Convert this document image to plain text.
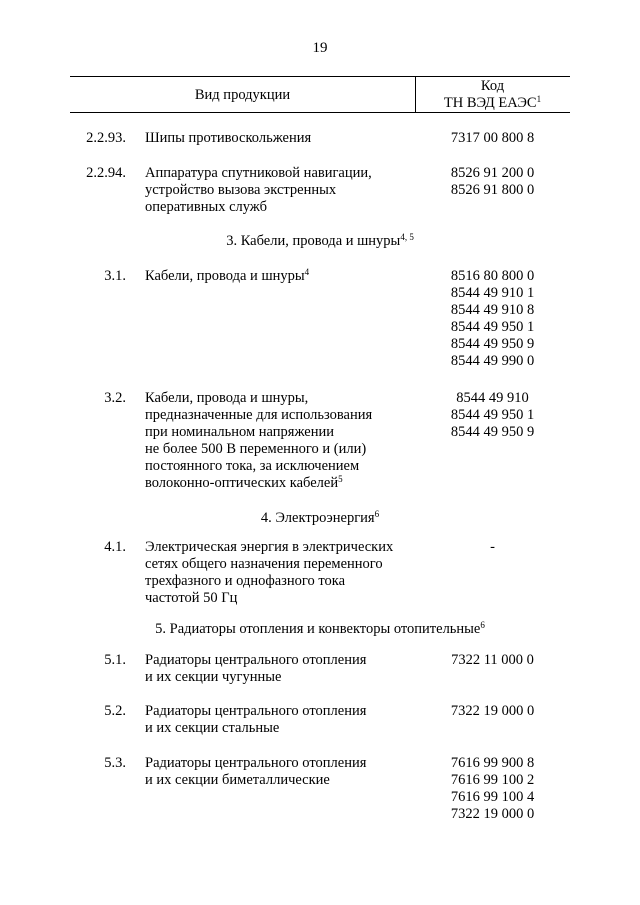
19
Вид продукции
Код
ТН ВЭД ЕАЭС$^1$
2.2.93. Шипы противоскольжения	7317 00 800 8
2.2.94. Аппаратура спутниковой навигации,
устройство вызова экстренных
оперативных служб
8526 91 200 0
8526 91 800 0
3. Кабели, провода и шнуры$^{4, 5}$
3.1. Кабели, провода и шнуры$^4$	8516 80 800 0
8544 49 910 1
8544 49 910 8
8544 49 950 1
8544 49 950 9
8544 49 990 0
3.2. Кабели, провода и шнуры,
предназначенные для использования
при номинальном напряжении
не более 500 В переменного и (или)
постоянного тока, за исключением
волоконно-оптических кабелей$^5$
8544 49 910
8544 49 950 1
8544 49 950 9
4. Электроэнергия$^6$
4.1. Электрическая энергия в электрических
сетях общего назначения переменного
трехфазного и однофазного тока
частотой 50 Гц
-
5. Радиаторы отопления и конвекторы отопительные$^6$
5.1. Радиаторы центрального отопления
и их секции чугунные
7322 11 000 0
5.2. Радиаторы центрального отопления
и их секции стальные
7322 19 000 0
5.3. Радиаторы центрального отопления
и их секции биметаллические
7616 99 900 8
7616 99 100 2
7616 99 100 4
7322 19 000 0
